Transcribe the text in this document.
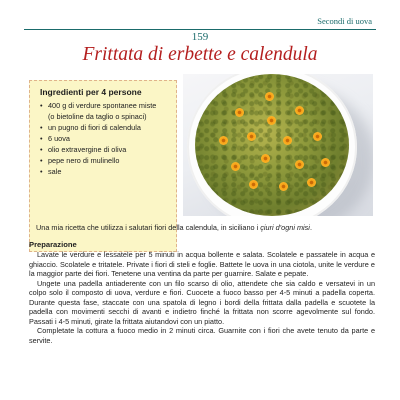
Secondi di uova
159
Frittata di erbette e calendula
Ingredienti per 4 persone
• 400 g di verdure spontanee miste
(o bietoline da taglio o spinaci)
• un pugno di fiori di calendula
• 6 uova
• olio extravergine di oliva
• pepe nero di mulinello
• sale

Una mia ricetta che utilizza i salutari fiori della calendula, in siciliano i çiuri d'ogni misi.

Preparazione

Lavate le verdure e lessatele per 5 minuti in acqua bollente e salata. Scolatele e passatele in acqua e ghiaccio. Scolatele e tritatele. Private i fiori di steli e foglie. Battete le uova in una ciotola, unite le verdure e la maggior parte dei fiori. Tenetene una ventina da parte per guarnire. Salate e pepate.

Ungete una padella antiaderente con un filo scarso di olio, attendete che sia caldo e versatevi in un colpo solo il composto di uova, verdure e fiori. Cuocete a fuoco basso per 4-5 minuti a padella coperta. Durante questa fase, staccate con una spatola di legno i bordi della frittata dalla padella e scuotete la padella con movimenti secchi di avanti e indietro finché la frittata non scorre agevolmente sul fondo. Passati i 4-5 minuti, girate la frittata aiutandovi con un piatto.

Completate la cottura a fuoco medio in 2 minuti circa. Guarnite con i fiori che avete tenuto da parte e servite.
